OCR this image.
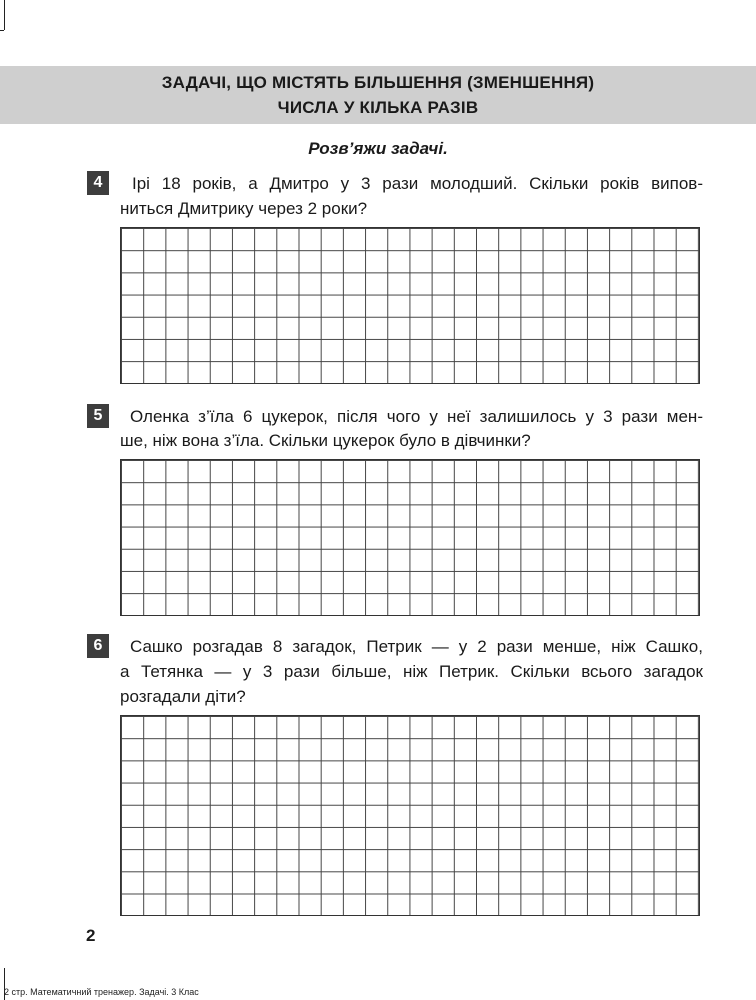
ЗАДАЧІ, ЩО МІСТЯТЬ БІЛЬШЕННЯ (ЗМЕНШЕННЯ)
ЧИСЛА У КІЛЬКА РАЗІВ
Розв’яжи задачі.
4	Ірі 18 років, а Дмитро у 3 рази молодший. Скільки років випов-
ниться Дмитрику через 2 роки?
5	Оленка з’їла 6 цукерок, після чого у неї залишилось у 3 рази мен-
ше, ніж вона з’їла. Скільки цукерок було в дівчинки?
6	Сашко розгадав 8 загадок, Петрик — у 2 рази менше, ніж Сашко,
а Тетянка — у 3 рази більше, ніж Петрик. Скільки всього загадок
розгадали діти?
2
2 стр. Математичний тренажер. Задачі. 3 Клас
